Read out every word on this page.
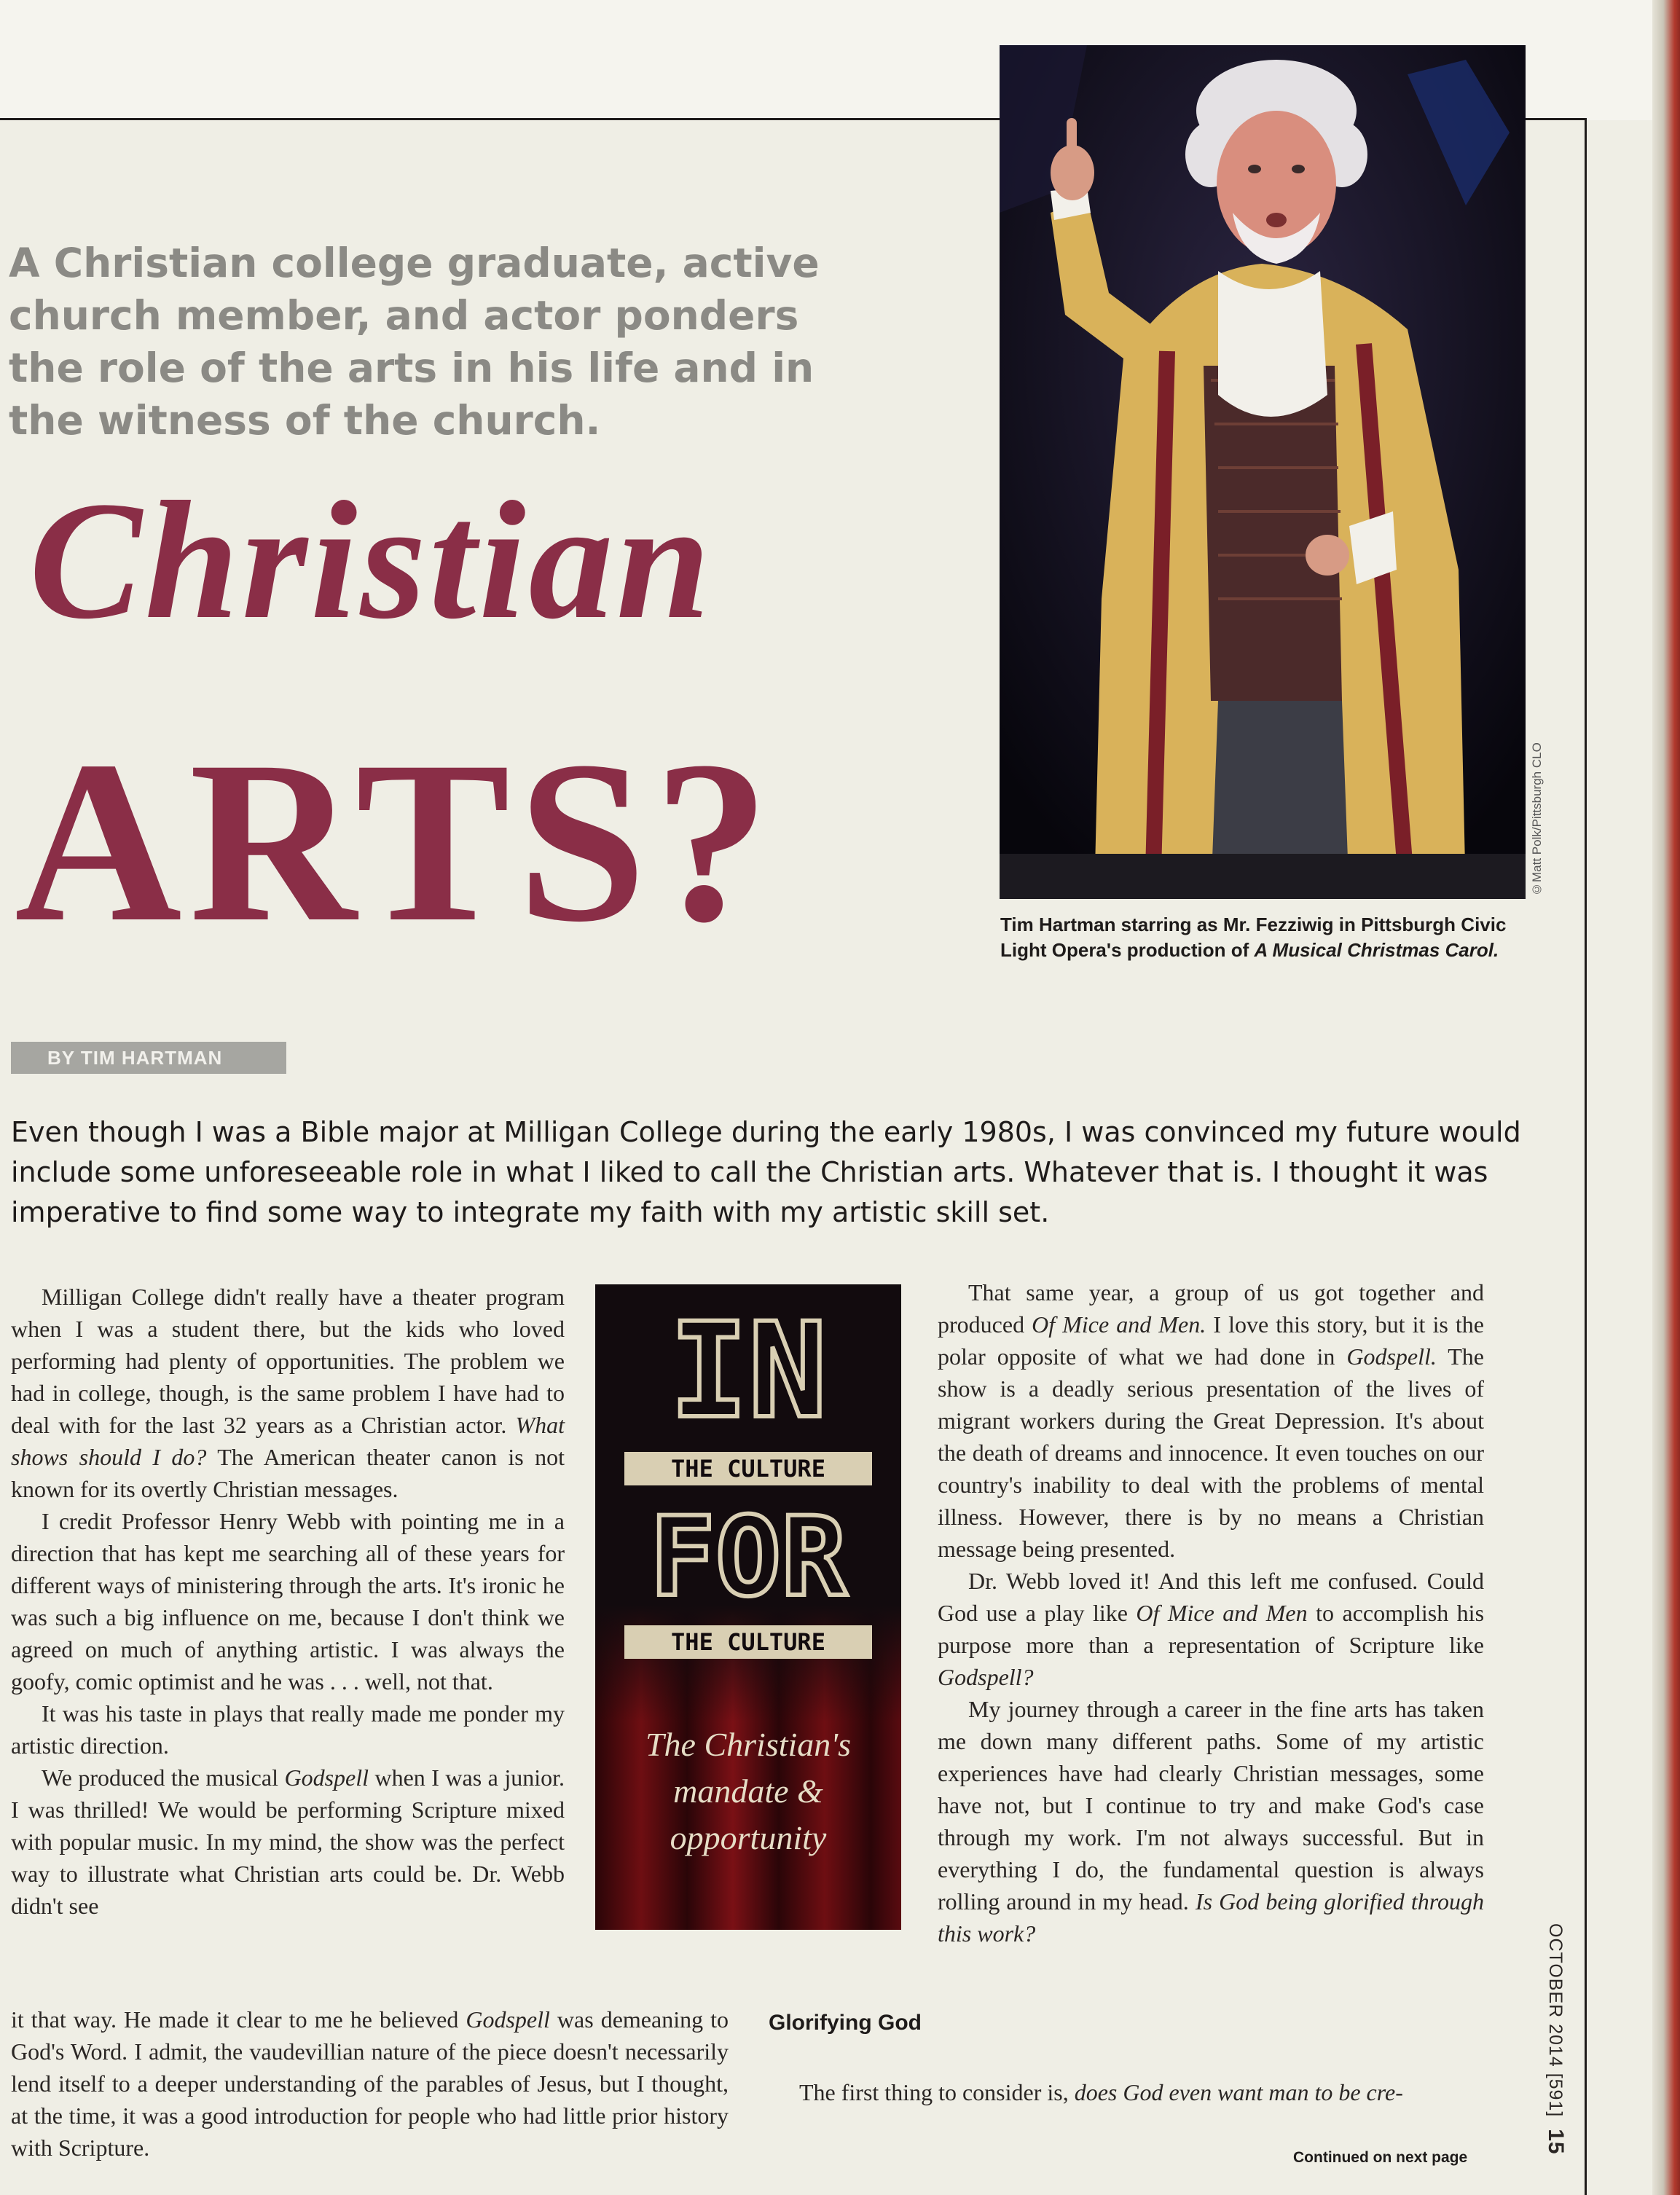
A Christian college graduate, active
church member, and actor ponders
the role of the arts in his life and in
the witness of the church.

Christian
ARTS?	©Matt Polk/Pittsburgh CLO

Tim Hartman starring as Mr. Fezziwig in Pittsburgh Civic Light Opera's production of A Musical Christmas Carol.

BY TIM HARTMAN

Even though I was a Bible major at Milligan College during the early 1980s, I was convinced my future would include some unforeseeable role in what I liked to call the Christian arts. Whatever that is. I thought it was imperative to find some way to integrate my faith with my artistic skill set.

Milligan College didn't really have a theater program when I was a student there, but the kids who loved performing had plenty of opportunities. The problem we had in college, though, is the same problem I have had to deal with for the last 32 years as a Christian actor. What shows should I do? The American theater canon is not known for its overtly Christian messages.

I credit Professor Henry Webb with pointing me in a direction that has kept me searching all of these years for different ways of ministering through the arts. It's ironic he was such a big influence on me, because I don't think we agreed on much of anything artistic. I was always the goofy, comic optimist and he was . . . well, not that.

It was his taste in plays that really made me ponder my artistic direction.

We produced the musical Godspell when I was a junior. I was thrilled! We would be performing Scripture mixed with popular music. In my mind, the show was the perfect way to illustrate what Christian arts could be. Dr. Webb didn't see

IN
THE CULTURE
FOR
THE CULTURE
The Christian's mandate & opportunity

That same year, a group of us got together and produced Of Mice and Men. I love this story, but it is the polar opposite of what we had done in Godspell. The show is a deadly serious presentation of the lives of migrant workers during the Great Depression. It's about the death of dreams and innocence. It even touches on our country's inability to deal with the problems of mental illness. However, there is by no means a Christian message being presented.

Dr. Webb loved it! And this left me confused. Could God use a play like Of Mice and Men to accomplish his purpose more than a representation of Scripture like Godspell?

My journey through a career in the fine arts has taken me down many different paths. Some of my artistic experiences have had clearly Christian messages, some have not, but I continue to try and make God's case through my work. I'm not always successful. But in everything I do, the fundamental question is always rolling around in my head. Is God being glorified through this work?

it that way. He made it clear to me he believed Godspell was demeaning to God's Word. I admit, the vaudevillian nature of the piece doesn't necessarily lend itself to a deeper understanding of the parables of Jesus, but I thought, at the time, it was a good introduction for people who had little prior history with Scripture.

Glorifying God

The first thing to consider is, does God even want man to be cre-

Continued on next page

OCTOBER 2014 [591]  15
